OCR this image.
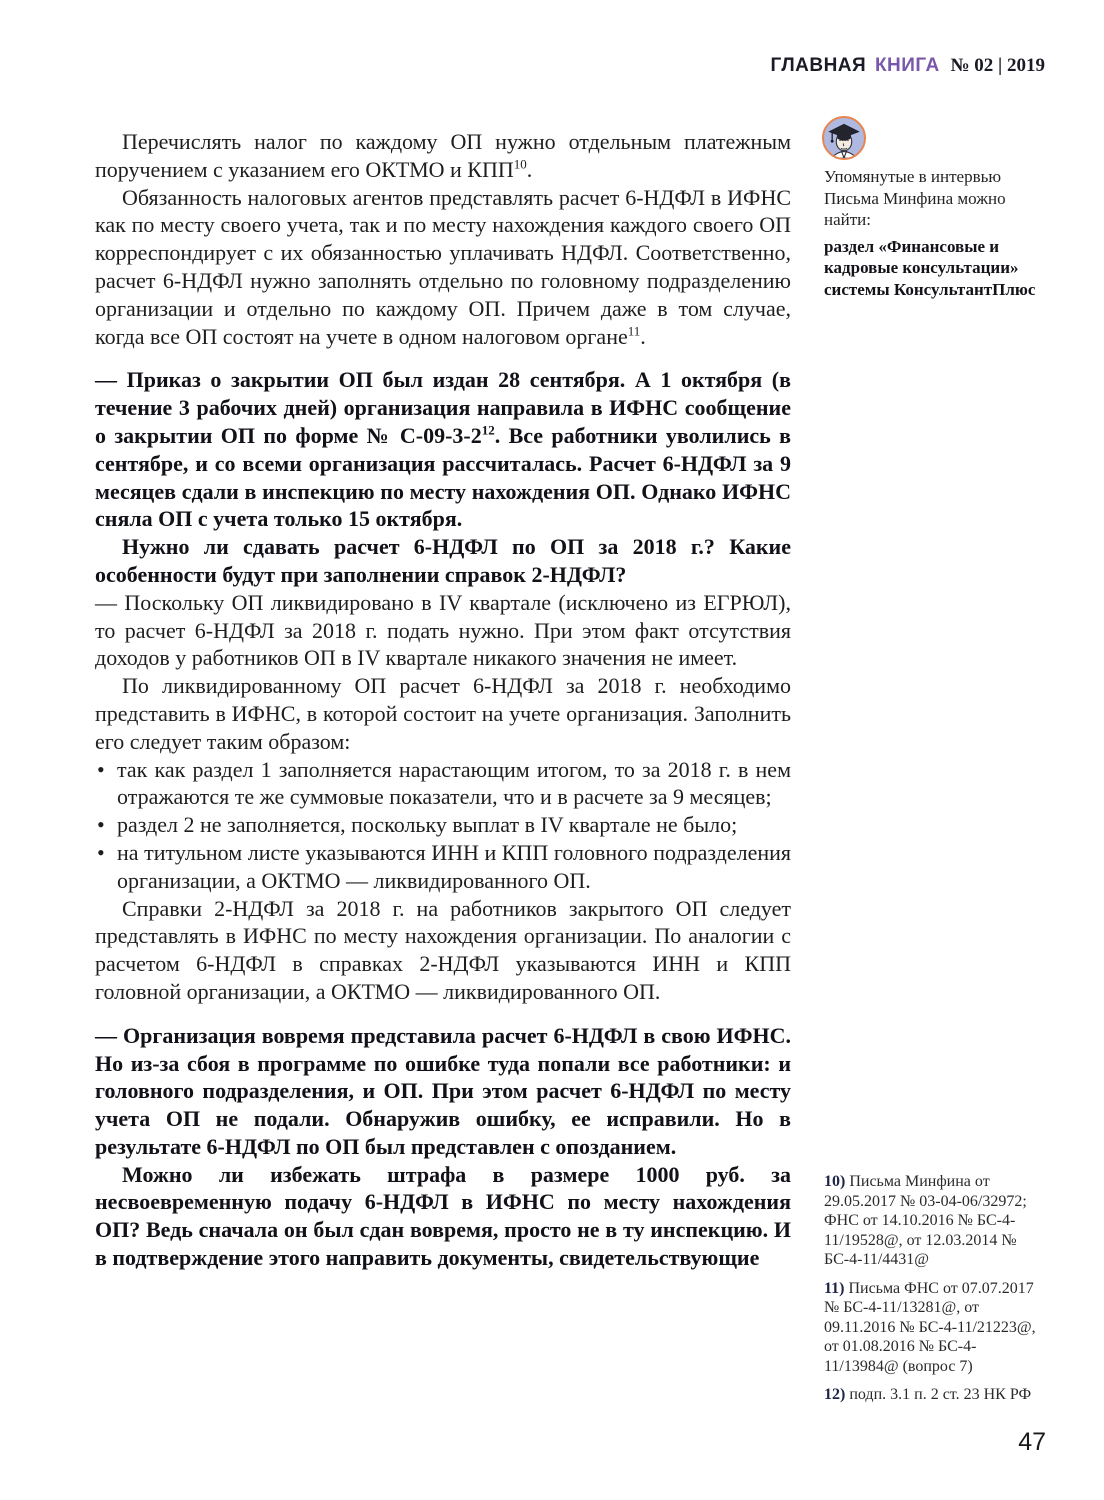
ГЛАВНАЯ КНИГА № 02 | 2019

Упомянутые в интервью Письма Минфина можно найти:

раздел «Финансовые и кадровые консультации» системы КонсультантПлюс

Перечислять налог по каждому ОП нужно отдельным платежным поручением с указанием его ОКТМО и КПП$^{10}$.

Обязанность налоговых агентов представлять расчет 6-НДФЛ в ИФНС как по месту своего учета, так и по месту нахождения каждого своего ОП корреспондирует с их обязанностью уплачивать НДФЛ. Соответственно, расчет 6-НДФЛ нужно заполнять отдельно по головному подразделению организации и отдельно по каждому ОП. Причем даже в том случае, когда все ОП состоят на учете в одном налоговом органе$^{11}$.

— Приказ о закрытии ОП был издан 28 сентября. А 1 октября (в течение 3 рабочих дней) организация направила в ИФНС сообщение о закрытии ОП по форме № $С-09-3-2^{12}$. Все работники уволились в сентябре, и со всеми организация рассчиталась. Расчет 6-НДФЛ за 9 месяцев сдали в инспекцию по месту нахождения ОП. Однако ИФНС сняла ОП с учета только 15 октября.

Нужно ли сдавать расчет 6-НДФЛ по ОП за 2018 г.? Какие особенности будут при заполнении справок 2-НДФЛ?

— Поскольку ОП ликвидировано в IV квартале (исключено из ЕГРЮЛ), то расчет 6-НДФЛ за 2018 г. подать нужно. При этом факт отсутствия доходов у работников ОП в IV квартале никакого значения не имеет.

По ликвидированному ОП расчет 6-НДФЛ за 2018 г. необходимо представить в ИФНС, в которой состоит на учете организация. Заполнить его следует таким образом:

• так как раздел 1 заполняется нарастающим итогом, то за 2018 г. в нем отражаются те же суммовые показатели, что и в расчете за 9 месяцев;
• раздел 2 не заполняется, поскольку выплат в IV квартале не было;
• на титульном листе указываются ИНН и КПП головного подразделения организации, а ОКТМО — ликвидированного ОП.

Справки 2-НДФЛ за 2018 г. на работников закрытого ОП следует представлять в ИФНС по месту нахождения организации. По аналогии с расчетом 6-НДФЛ в справках 2-НДФЛ указываются ИНН и КПП головной организации, а ОКТМО — ликвидированного ОП.

— Организация вовремя представила расчет 6-НДФЛ в свою ИФНС. Но из-за сбоя в программе по ошибке туда попали все работники: и головного подразделения, и ОП. При этом расчет 6-НДФЛ по месту учета ОП не подали. Обнаружив ошибку, ее исправили. Но в результате 6-НДФЛ по ОП был представлен с опозданием.

Можно ли избежать штрафа в размере 1000 руб. за несвоевременную подачу 6-НДФЛ в ИФНС по месту нахождения ОП? Ведь сначала он был сдан вовремя, просто не в ту инспекцию. И в подтверждение этого направить документы, свидетельствующие

10) Письма Минфина от 29.05.2017 № 03-04-06/32972; ФНС от 14.10.2016 № БС-4-11/19528@, от 12.03.2014 № БС-4-11/4431@

11) Письма ФНС от 07.07.2017 № БС-4-11/13281@, от 09.11.2016 № БС-4-11/21223@, от 01.08.2016 № БС-4-11/13984@ (вопрос 7)

12) подп. 3.1 п. 2 ст. 23 НК РФ

47
